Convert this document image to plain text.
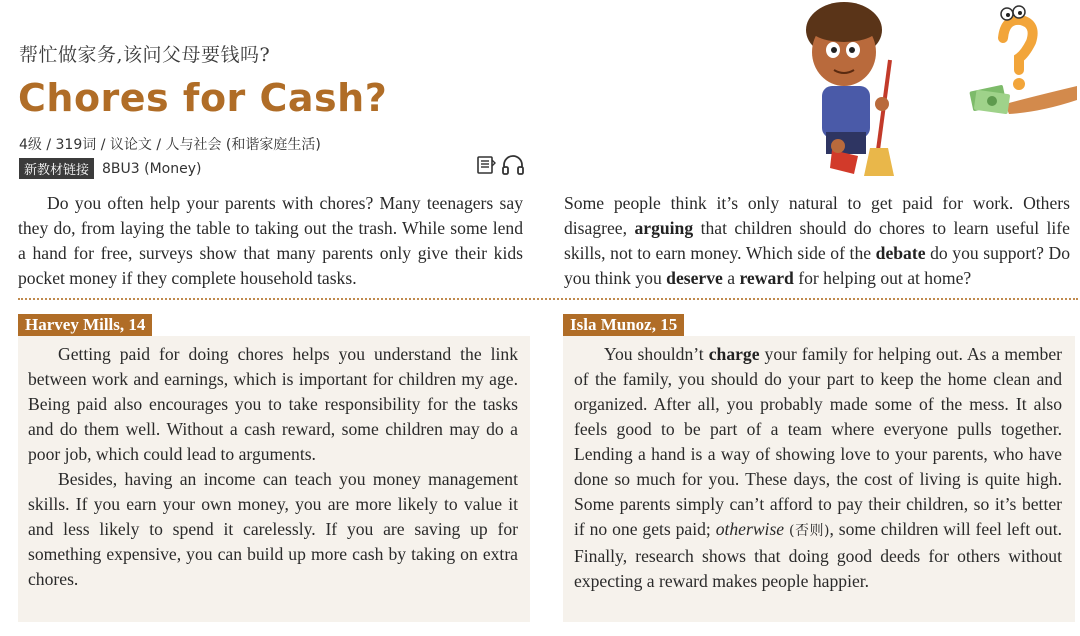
帮忙做家务,该问父母要钱吗?
Chores for Cash?
4级 / 319词 / 议论文 / 人与社会 (和谐家庭生活)
新教材链接 8BU3 (Money)

Do you often help your parents with chores? Many teenagers say they do, from laying the table to taking out the trash. While some lend a hand for free, surveys show that many parents only give their kids pocket money if they complete household tasks.

Some people think it’s only natural to get paid for work. Others disagree, arguing that children should do chores to learn useful life skills, not to earn money. Which side of the debate do you support? Do you think you deserve a reward for helping out at home?

Harvey Mills, 14

Getting paid for doing chores helps you understand the link between work and earnings, which is important for children my age. Being paid also encourages you to take responsibility for the tasks and do them well. Without a cash reward, some children may do a poor job, which could lead to arguments.

Besides, having an income can teach you money management skills. If you earn your own money, you are more likely to value it and less likely to spend it carelessly. If you are saving up for something expensive, you can build up more cash by taking on extra chores.

Isla Munoz, 15

You shouldn’t charge your family for helping out. As a member of the family, you should do your part to keep the home clean and organized. After all, you probably made some of the mess. It also feels good to be part of a team where everyone pulls together. Lending a hand is a way of showing love to your parents, who have done so much for you. These days, the cost of living is quite high. Some parents simply can’t afford to pay their children, so it’s better if no one gets paid; otherwise (否则), some children will feel left out. Finally, research shows that doing good deeds for others without expecting a reward makes people happier.
